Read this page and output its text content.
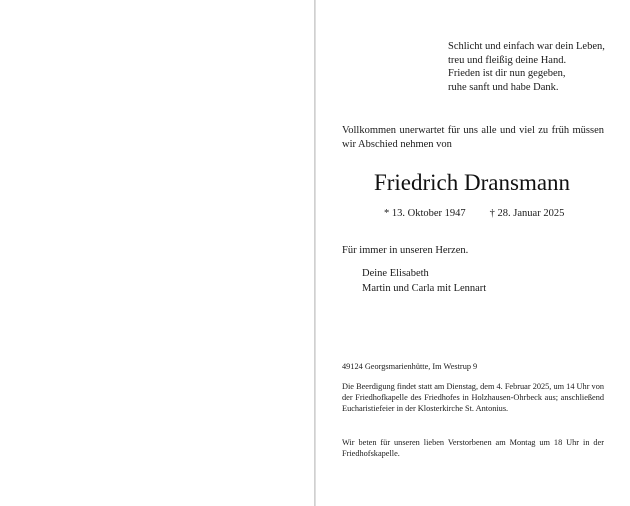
Schlicht und einfach war dein Leben,
treu und fleißig deine Hand.
Frieden ist dir nun gegeben,
ruhe sanft und habe Dank.
Vollkommen unerwartet für uns alle und viel zu früh müssen wir Abschied nehmen von
Friedrich Dransmann
* 13. Oktober 1947 † 28. Januar 2025
Für immer in unseren Herzen.
Deine Elisabeth
Martin und Carla mit Lennart
49124 Georgsmarienhütte, Im Westrup 9
Die Beerdigung findet statt am Dienstag, dem 4. Februar 2025, um 14 Uhr von der Friedhofkapelle des Friedhofes in Holzhausen-Ohrbeck aus; anschließend Eucharistiefeier in der Klosterkirche St. Antonius.
Wir beten für unseren lieben Verstorbenen am Montag um 18 Uhr in der Friedhofskapelle.
